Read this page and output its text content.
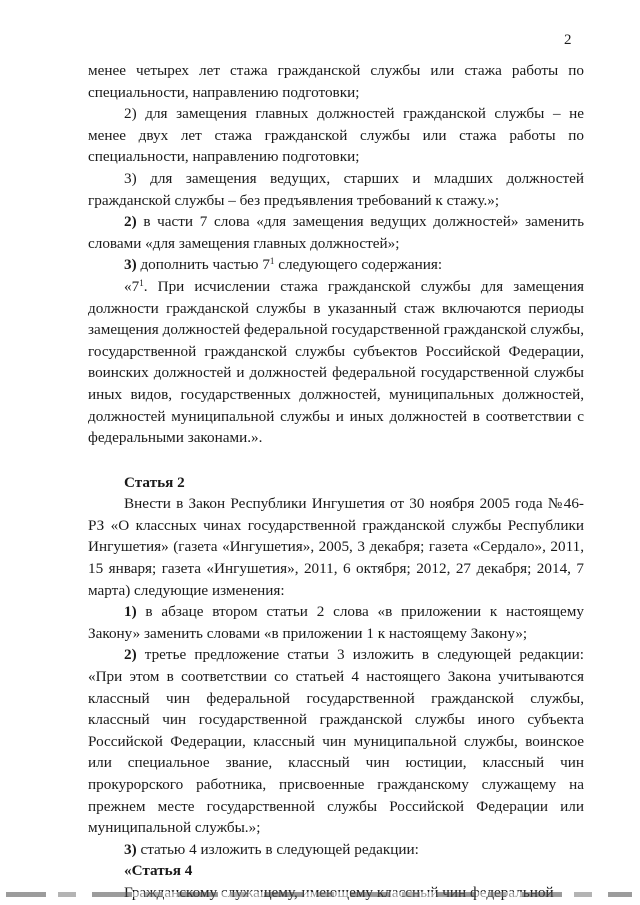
2

менее четырех лет стажа гражданской службы или стажа работы по специальности, направлению подготовки;

2) для замещения главных должностей гражданской службы – не менее двух лет стажа гражданской службы или стажа работы по специальности, направлению подготовки;

3) для замещения ведущих, старших и младших должностей гражданской службы – без предъявления требований к стажу.»;

2) в части 7 слова «для замещения ведущих должностей» заменить словами «для замещения главных должностей»;

3) дополнить частью $7^1$ следующего содержания:

«$7^1$. При исчислении стажа гражданской службы для замещения должности гражданской службы в указанный стаж включаются периоды замещения должностей федеральной государственной гражданской службы, государственной гражданской службы субъектов Российской Федерации, воинских должностей и должностей федеральной государственной службы иных видов, государственных должностей, муниципальных должностей, должностей муниципальной службы и иных должностей в соответствии с федеральными законами.».

Статья 2

Внести в Закон Республики Ингушетия от 30 ноября 2005 года №46-РЗ «О классных чинах государственной гражданской службы Республики Ингушетия» (газета «Ингушетия», 2005, 3 декабря; газета «Сердало», 2011, 15 января; газета «Ингушетия», 2011, 6 октября; 2012, 27 декабря; 2014, 7 марта) следующие изменения:

1) в абзаце втором статьи 2 слова «в приложении к настоящему Закону» заменить словами «в приложении 1 к настоящему Закону»;

2) третье предложение статьи 3 изложить в следующей редакции: «При этом в соответствии со статьей 4 настоящего Закона учитываются классный чин федеральной государственной гражданской службы, классный чин государственной гражданской службы иного субъекта Российской Федерации, классный чин муниципальной службы, воинское или специальное звание, классный чин юстиции, классный чин прокурорского работника, присвоенные гражданскому служащему на прежнем месте государственной службы Российской Федерации или муниципальной службы.»;

3) статью 4 изложить в следующей редакции:

«Статья 4
